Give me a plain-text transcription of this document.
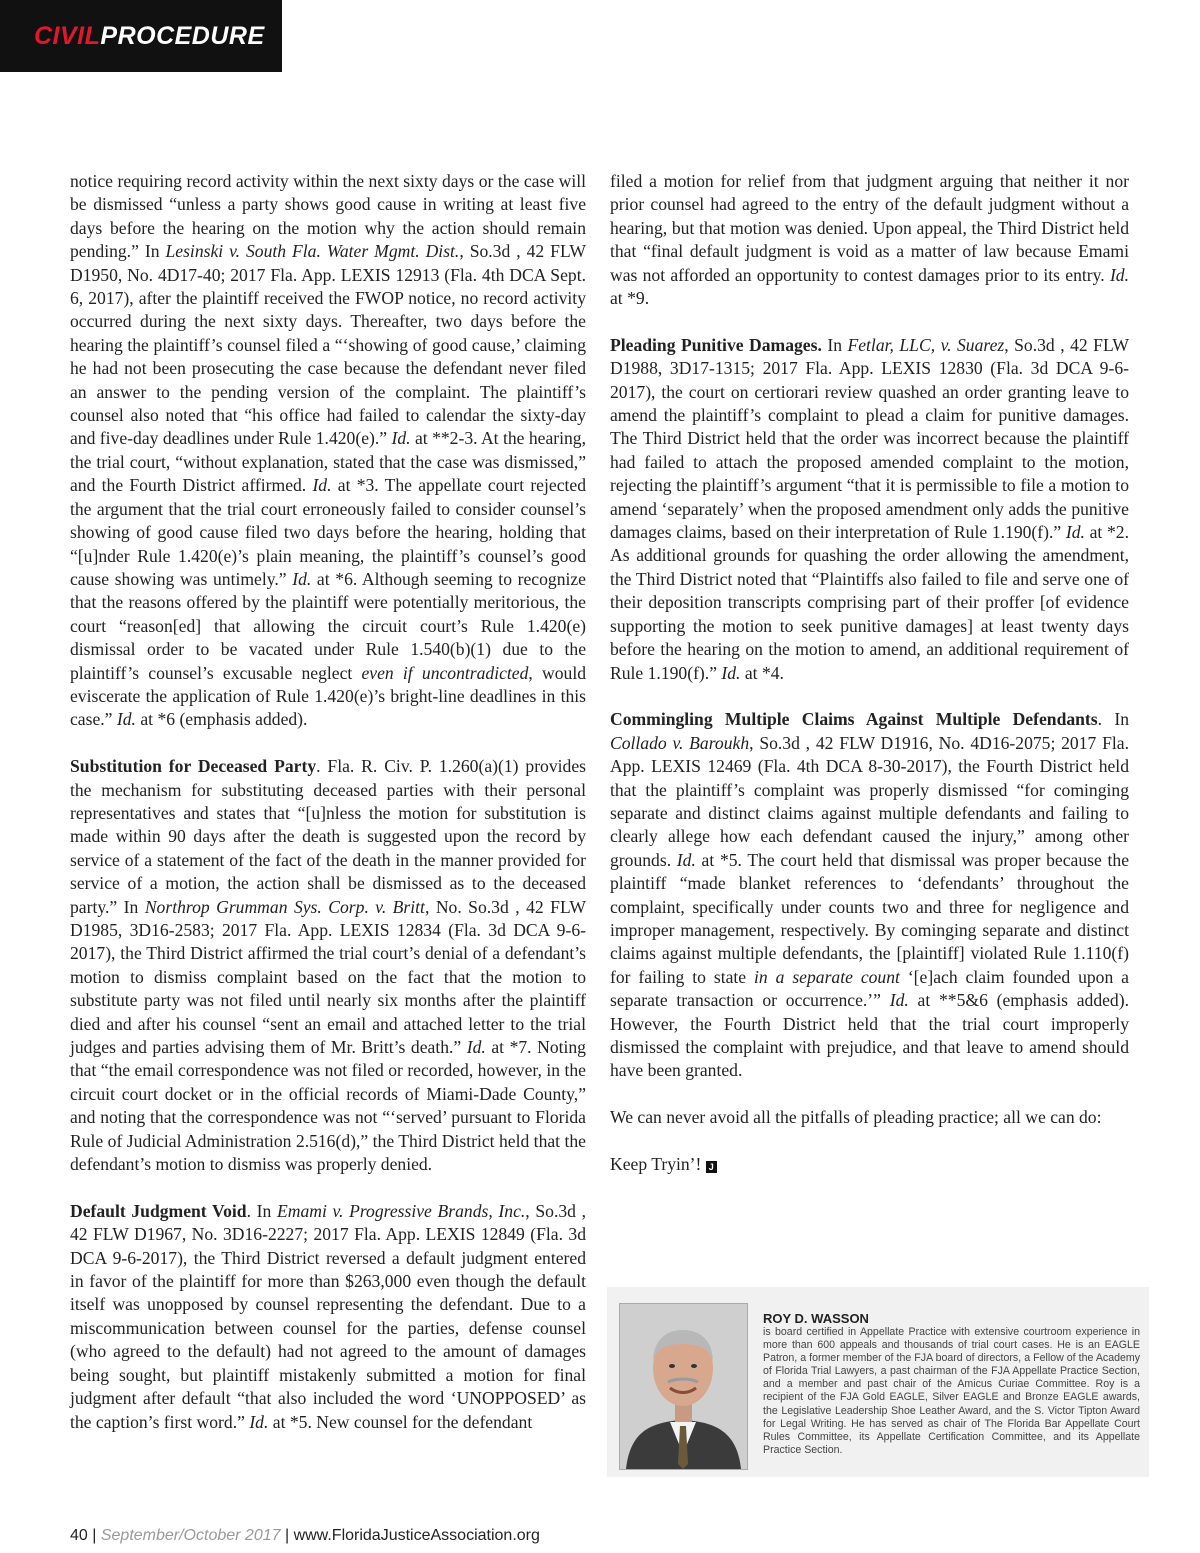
CIVILPROCEDURE

notice requiring record activity within the next sixty days or the case will be dismissed “unless a party shows good cause in writing at least five days before the hearing on the motion why the action should remain pending.” In Lesinski v. South Fla. Water Mgmt. Dist., So.3d , 42 FLW D1950, No. 4D17-40; 2017 Fla. App. LEXIS 12913 (Fla. 4th DCA Sept. 6, 2017), after the plaintiff received the FWOP notice, no record activity occurred during the next sixty days. Thereafter, two days before the hearing the plaintiff’s counsel filed a “‘showing of good cause,’ claiming he had not been prosecuting the case because the defendant never filed an answer to the pending version of the complaint. The plaintiff’s counsel also noted that “his office had failed to calendar the sixty-day and five-day deadlines under Rule 1.420(e).” Id. at **2-3. At the hearing, the trial court, “without explanation, stated that the case was dismissed,” and the Fourth District affirmed. Id. at *3. The appellate court rejected the argument that the trial court erroneously failed to consider counsel’s showing of good cause filed two days before the hearing, holding that “[u]nder Rule 1.420(e)’s plain meaning, the plaintiff’s counsel’s good cause showing was untimely.” Id. at *6. Although seeming to recognize that the reasons offered by the plaintiff were potentially meritorious, the court “reason[ed] that allowing the circuit court’s Rule 1.420(e) dismissal order to be vacated under Rule 1.540(b)(1) due to the plaintiff’s counsel’s excusable neglect even if uncontradicted, would eviscerate the application of Rule 1.420(e)’s bright-line deadlines in this case.” Id. at *6 (emphasis added).

Substitution for Deceased Party. Fla. R. Civ. P. 1.260(a)(1) provides the mechanism for substituting deceased parties with their personal representatives and states that “[u]nless the motion for substitution is made within 90 days after the death is suggested upon the record by service of a statement of the fact of the death in the manner provided for service of a motion, the action shall be dismissed as to the deceased party.” In Northrop Grumman Sys. Corp. v. Britt, No. So.3d , 42 FLW D1985, 3D16-2583; 2017 Fla. App. LEXIS 12834 (Fla. 3d DCA 9-6-2017), the Third District affirmed the trial court’s denial of a defendant’s motion to dismiss complaint based on the fact that the motion to substitute party was not filed until nearly six months after the plaintiff died and after his counsel “sent an email and attached letter to the trial judges and parties advising them of Mr. Britt’s death.” Id. at *7. Noting that “the email correspondence was not filed or recorded, however, in the circuit court docket or in the official records of Miami-Dade County,” and noting that the correspondence was not “‘served’ pursuant to Florida Rule of Judicial Administration 2.516(d),” the Third District held that the defendant’s motion to dismiss was properly denied.

Default Judgment Void. In Emami v. Progressive Brands, Inc., So.3d , 42 FLW D1967, No. 3D16-2227; 2017 Fla. App. LEXIS 12849 (Fla. 3d DCA 9-6-2017), the Third District reversed a default judgment entered in favor of the plaintiff for more than $263,000 even though the default itself was unopposed by counsel representing the defendant. Due to a miscommunication between counsel for the parties, defense counsel (who agreed to the default) had not agreed to the amount of damages being sought, but plaintiff mistakenly submitted a motion for final judgment after default “that also included the word ‘UNOPPOSED’ as the caption’s first word.” Id. at *5. New counsel for the defendant

filed a motion for relief from that judgment arguing that neither it nor prior counsel had agreed to the entry of the default judgment without a hearing, but that motion was denied. Upon appeal, the Third District held that “final default judgment is void as a matter of law because Emami was not afforded an opportunity to contest damages prior to its entry. Id. at *9.

Pleading Punitive Damages. In Fetlar, LLC, v. Suarez, So.3d , 42 FLW D1988, 3D17-1315; 2017 Fla. App. LEXIS 12830 (Fla. 3d DCA 9-6-2017), the court on certiorari review quashed an order granting leave to amend the plaintiff’s complaint to plead a claim for punitive damages. The Third District held that the order was incorrect because the plaintiff had failed to attach the proposed amended complaint to the motion, rejecting the plaintiff’s argument “that it is permissible to file a motion to amend ‘separately’ when the proposed amendment only adds the punitive damages claims, based on their interpretation of Rule 1.190(f).” Id. at *2. As additional grounds for quashing the order allowing the amendment, the Third District noted that “Plaintiffs also failed to file and serve one of their deposition transcripts comprising part of their proffer [of evidence supporting the motion to seek punitive damages] at least twenty days before the hearing on the motion to amend, an additional requirement of Rule 1.190(f).” Id. at *4.

Commingling Multiple Claims Against Multiple Defendants. In Collado v. Baroukh, So.3d , 42 FLW D1916, No. 4D16-2075; 2017 Fla. App. LEXIS 12469 (Fla. 4th DCA 8-30-2017), the Fourth District held that the plaintiff’s complaint was properly dismissed “for cominging separate and distinct claims against multiple defendants and failing to clearly allege how each defendant caused the injury,” among other grounds. Id. at *5. The court held that dismissal was proper because the plaintiff “made blanket references to ‘defendants’ throughout the complaint, specifically under counts two and three for negligence and improper management, respectively. By cominging separate and distinct claims against multiple defendants, the [plaintiff] violated Rule 1.110(f) for failing to state in a separate count ‘[e]ach claim founded upon a separate transaction or occurrence.’” Id. at **5&6 (emphasis added). However, the Fourth District held that the trial court improperly dismissed the complaint with prejudice, and that leave to amend should have been granted.

We can never avoid all the pitfalls of pleading practice; all we can do:

Keep Tryin’! J

ROY D. WASSON
is board certified in Appellate Practice with extensive courtroom experience in more than 600 appeals and thousands of trial court cases. He is an EAGLE Patron, a former member of the FJA board of directors, a Fellow of the Academy of Florida Trial Lawyers, a past chairman of the FJA Appellate Practice Section, and a member and past chair of the Amicus Curiae Committee. Roy is a recipient of the FJA Gold EAGLE, Silver EAGLE and Bronze EAGLE awards, the Legislative Leadership Shoe Leather Award, and the S. Victor Tipton Award for Legal Writing. He has served as chair of The Florida Bar Appellate Court Rules Committee, its Appellate Certification Committee, and its Appellate Practice Section.
40 | September/October 2017 | www.FloridaJusticeAssociation.org
